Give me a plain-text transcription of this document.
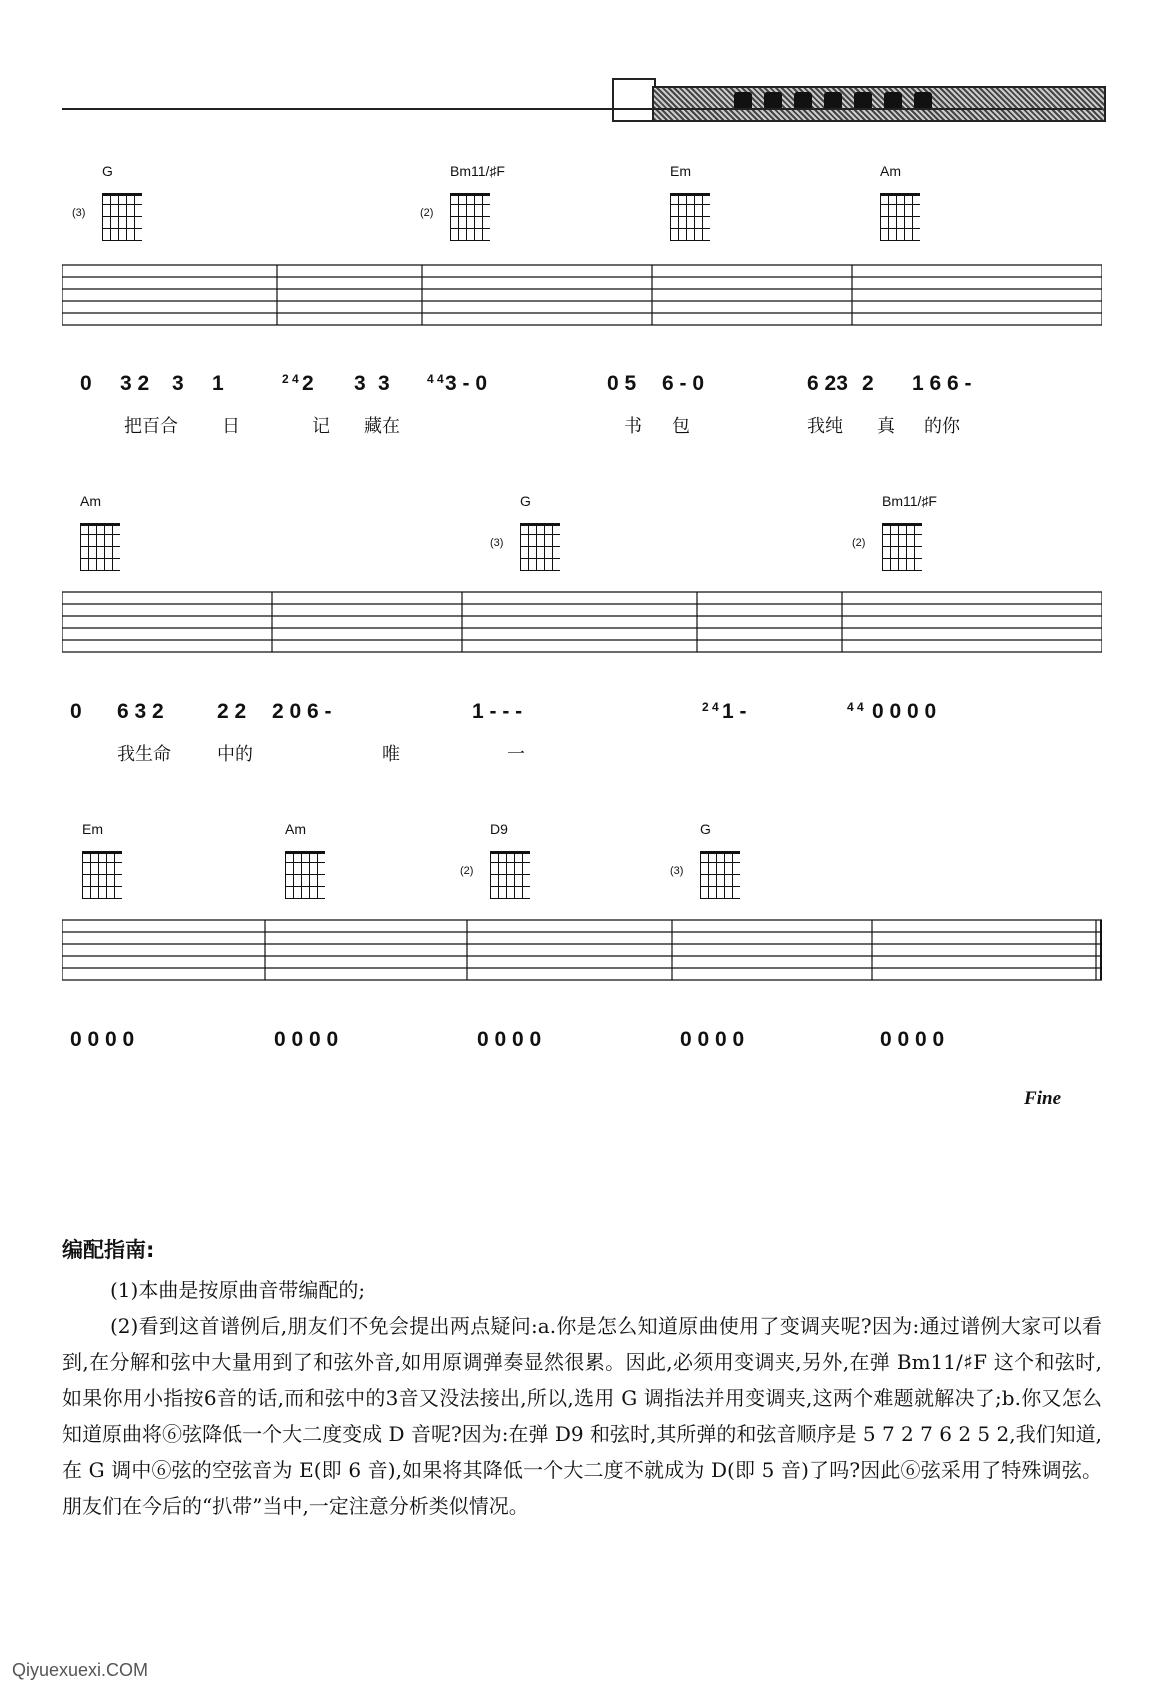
G
(3)
Bm11/♯F
(2)
Em	Am
0 3 2 3 1	2 4 2 3 3	4 4 3 - 0	0 5 6 - 0	6 23 2 1 6 6 -
把百合 日	记 藏在	书 包	我纯 真 的你
Am	G
(3)
Bm11/♯F
(2)
0 6 3 2	2 2 2 0 6 -	1 - - -	2 4 1 -	4 4 0 0 0 0
我生命	中的	唯	一
Em	Am	D9
(2)
G
(3)
0 0 0 0	0 0 0 0	0 0 0 0	0 0 0 0	0 0 0 0
Fine
编配指南:

(1)本曲是按原曲音带编配的;

(2)看到这首谱例后,朋友们不免会提出两点疑问:a.你是怎么知道原曲使用了变调夹呢?因为:通过谱例大家可以看到,在分解和弦中大量用到了和弦外音,如用原调弹奏显然很累。因此,必须用变调夹,另外,在弹 Bm11/♯F 这个和弦时,如果你用小指按6音的话,而和弦中的3音又没法接出,所以,选用 G 调指法并用变调夹,这两个难题就解决了;b.你又怎么知道原曲将⑥弦降低一个大二度变成 D 音呢?因为:在弹 D9 和弦时,其所弹的和弦音顺序是 5 7 2 7 6 2 5 2,我们知道,在 G 调中⑥弦的空弦音为 E(即 6 音),如果将其降低一个大二度不就成为 D(即 5 音)了吗?因此⑥弦采用了特殊调弦。朋友们在今后的“扒带”当中,一定注意分析类似情况。

Qiyuexuexi.COM
